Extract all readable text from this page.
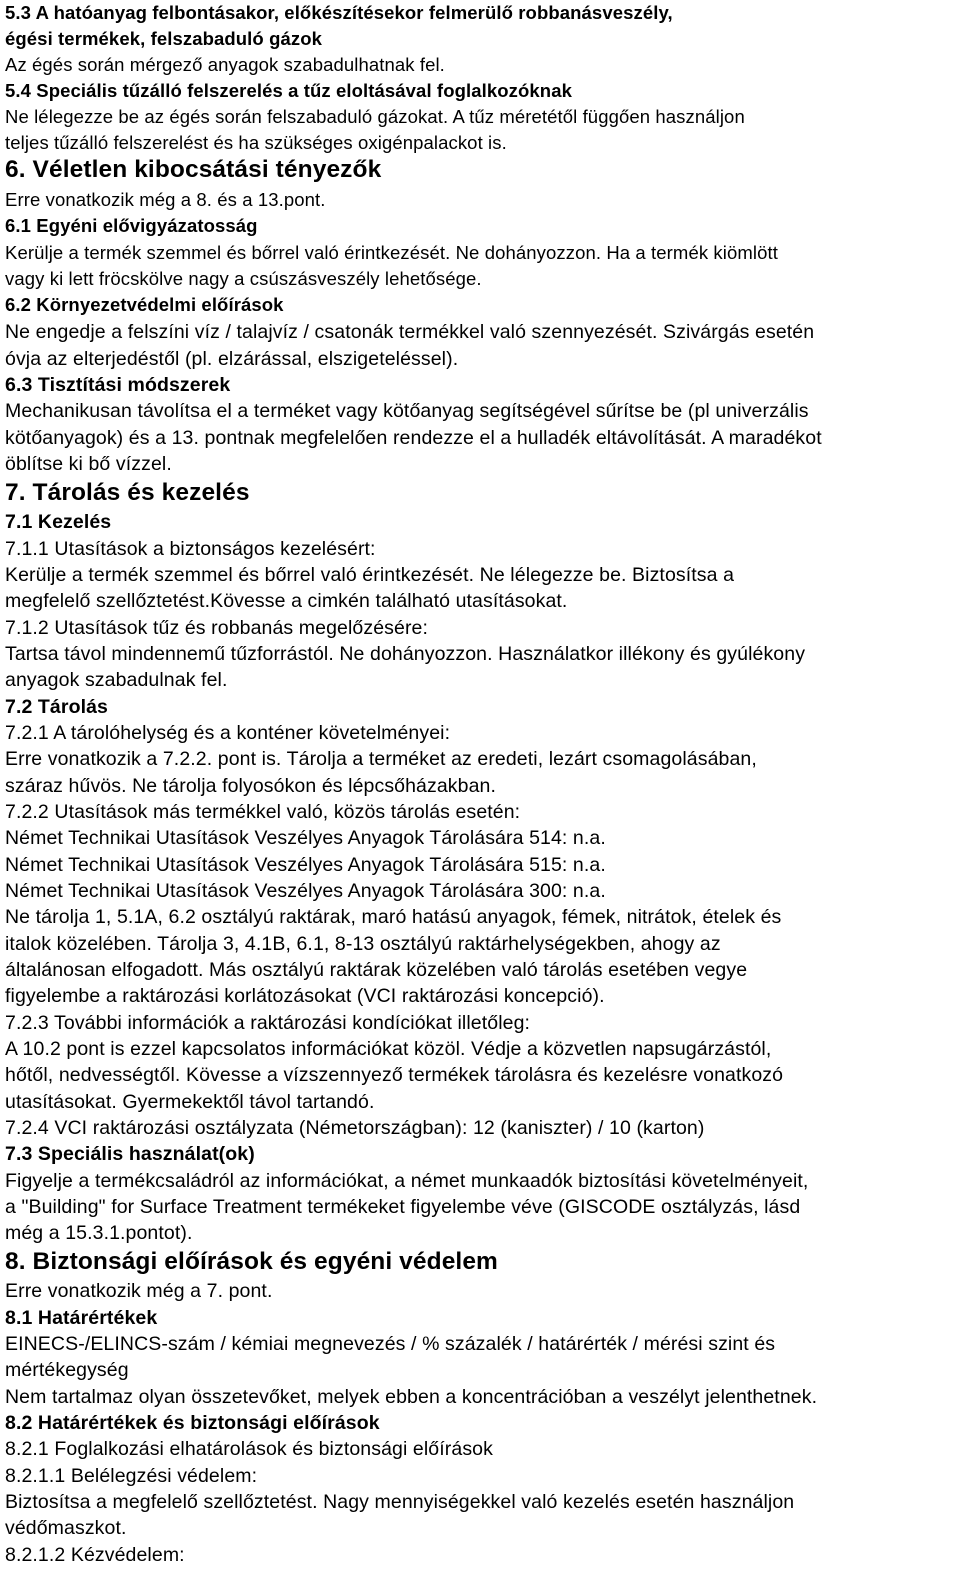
5.3 A hatóanyag felbontásakor, előkészítésekor felmerülő robbanásveszély,
égési termékek, felszabaduló gázok
Az égés során mérgező anyagok szabadulhatnak fel.
5.4 Speciális tűzálló felszerelés a tűz eloltásával foglalkozóknak
Ne lélegezze be az égés során felszabaduló gázokat. A tűz méretétől függően használjon
teljes tűzálló felszerelést és ha szükséges oxigénpalackot is.
6. Véletlen kibocsátási tényezők
Erre vonatkozik még a 8. és a 13.pont.
6.1 Egyéni elővigyázatosság
Kerülje a termék szemmel és bőrrel való érintkezését. Ne dohányozzon. Ha a termék kiömlött
vagy ki lett fröcskölve nagy a csúszásveszély lehetősége.
6.2 Környezetvédelmi előírások
Ne engedje a felszíni víz / talajvíz / csatonák termékkel való szennyezését. Szivárgás esetén
óvja az elterjedéstől (pl. elzárással, elszigeteléssel).
6.3 Tisztítási módszerek
Mechanikusan távolítsa el a terméket vagy kötőanyag segítségével sűrítse be (pl univerzális
kötőanyagok) és a 13. pontnak megfelelően rendezze el a hulladék eltávolítását. A maradékot
öblítse ki bő vízzel.
7. Tárolás és kezelés
7.1 Kezelés
7.1.1 Utasítások a biztonságos kezelésért:
Kerülje a termék szemmel és bőrrel való érintkezését. Ne lélegezze be. Biztosítsa a
megfelelő szellőztetést.Kövesse a cimkén található utasításokat.
7.1.2 Utasítások tűz és robbanás megelőzésére:
Tartsa távol mindennemű tűzforrástól. Ne dohányozzon. Használatkor illékony és gyúlékony
anyagok szabadulnak fel.
7.2 Tárolás
7.2.1 A tárolóhelység és a konténer követelményei:
Erre vonatkozik a 7.2.2. pont is. Tárolja a terméket az eredeti, lezárt csomagolásában,
száraz hűvös. Ne tárolja folyosókon és lépcsőházakban.
7.2.2 Utasítások más termékkel való, közös tárolás esetén:
Német Technikai Utasítások Veszélyes Anyagok Tárolására 514: n.a.
Német Technikai Utasítások Veszélyes Anyagok Tárolására 515: n.a.
Német Technikai Utasítások Veszélyes Anyagok Tárolására 300: n.a.
Ne tárolja 1, 5.1A, 6.2 osztályú raktárak, maró hatású anyagok, fémek, nitrátok, ételek és
italok közelében. Tárolja 3, 4.1B, 6.1, 8-13 osztályú raktárhelységekben, ahogy az
általánosan elfogadott. Más osztályú raktárak közelében való tárolás esetében vegye
figyelembe a raktározási korlátozásokat (VCI raktározási koncepció).
7.2.3 További információk a raktározási kondíciókat illetőleg:
A 10.2 pont is ezzel kapcsolatos információkat közöl. Védje a közvetlen napsugárzástól,
hőtől, nedvességtől. Kövesse a vízszennyező termékek tárolásra és kezelésre vonatkozó
utasításokat. Gyermekektől távol tartandó.
7.2.4 VCI raktározási osztályzata (Németországban): 12 (kaniszter) / 10 (karton)
7.3 Speciális használat(ok)
Figyelje a termékcsaládról az információkat, a német munkaadók biztosítási követelményeit,
a "Building" for Surface Treatment termékeket figyelembe véve (GISCODE osztályzás, lásd
még a 15.3.1.pontot).
8. Biztonsági előírások és egyéni védelem
Erre vonatkozik még a 7. pont.
8.1 Határértékek
EINECS-/ELINCS-szám / kémiai megnevezés / % százalék / határérték / mérési szint és
mértékegység
Nem tartalmaz olyan összetevőket, melyek ebben a koncentrációban a veszélyt jelenthetnek.
8.2 Határértékek és biztonsági előírások
8.2.1 Foglalkozási elhatárolások és biztonsági előírások
8.2.1.1 Belélegzési védelem:
Biztosítsa a megfelelő szellőztetést. Nagy mennyiségekkel való kezelés esetén használjon
védőmaszkot.
8.2.1.2 Kézvédelem:
